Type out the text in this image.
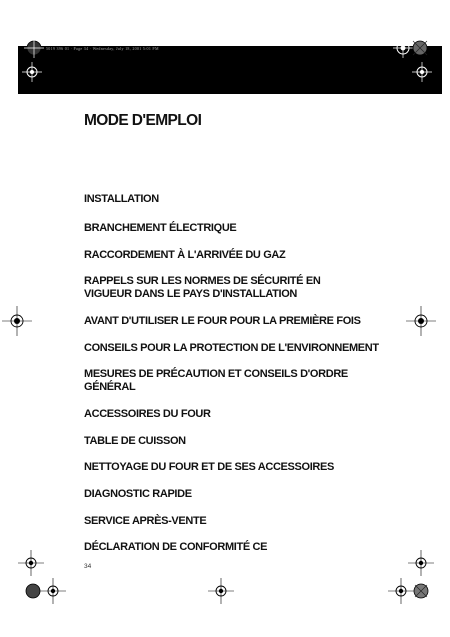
5019 396 01 · Page 34 · Wednesday, July 18, 2001 5:01 PM
MODE D'EMPLOI
INSTALLATION
BRANCHEMENT ÉLECTRIQUE
RACCORDEMENT À L'ARRIVÉE DU GAZ
RAPPELS SUR LES NORMES DE SÉCURITÉ EN
VIGUEUR DANS LE PAYS D'INSTALLATION
AVANT D'UTILISER LE FOUR POUR LA PREMIÈRE FOIS
CONSEILS POUR LA PROTECTION DE L'ENVIRONNEMENT
MESURES DE PRÉCAUTION ET CONSEILS D'ORDRE
GÉNÉRAL
ACCESSOIRES DU FOUR
TABLE DE CUISSON
NETTOYAGE DU FOUR ET DE SES ACCESSOIRES
DIAGNOSTIC RAPIDE
SERVICE APRÈS-VENTE
DÉCLARATION DE CONFORMITÉ CE
34
